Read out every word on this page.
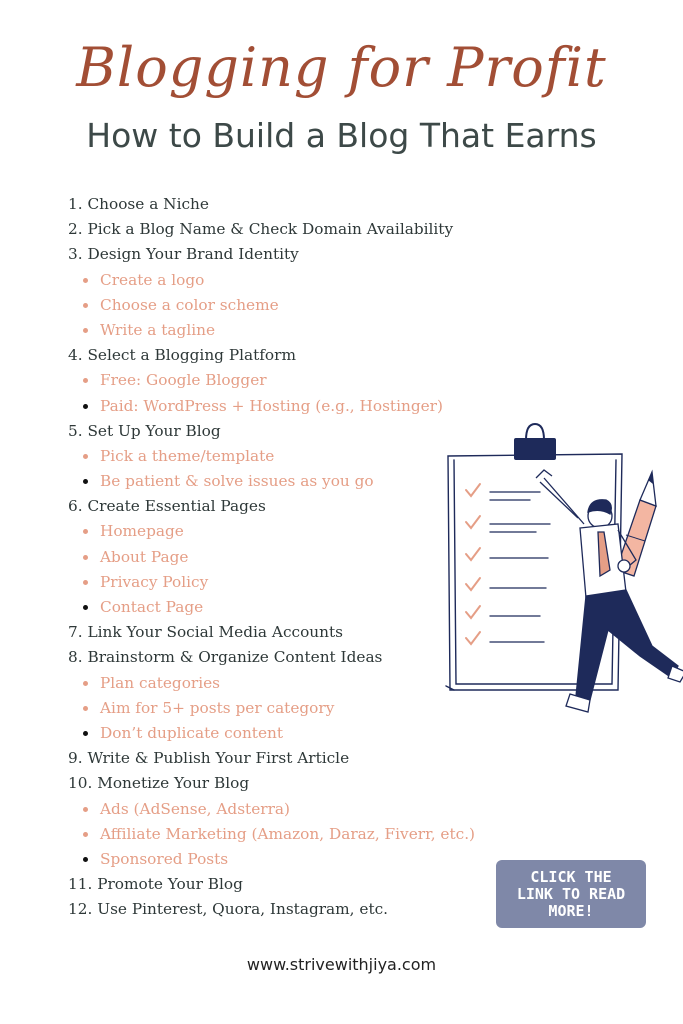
Blogging for Profit
How to Build a Blog That Earns
1. Choose a Niche
2. Pick a Blog Name & Check Domain Availability
3. Design Your Brand Identity
Create a logo
Choose a color scheme
Write a tagline
4. Select a Blogging Platform
Free: Google Blogger
Paid: WordPress + Hosting (e.g., Hostinger)
5. Set Up Your Blog
Pick a theme/template
Be patient & solve issues as you go
6. Create Essential Pages
Homepage
About Page
Privacy Policy
Contact Page
7. Link Your Social Media Accounts
8. Brainstorm & Organize Content Ideas
Plan categories
Aim for 5+ posts per category
Don’t duplicate content
9. Write & Publish Your First Article
10. Monetize Your Blog
Ads (AdSense, Adsterra)
Affiliate Marketing (Amazon, Daraz, Fiverr, etc.)
Sponsored Posts
11. Promote Your Blog
12. Use Pinterest, Quora, Instagram, etc.
CLICK THE
LINK TO READ
MORE!
www.strivewithjiya.com
